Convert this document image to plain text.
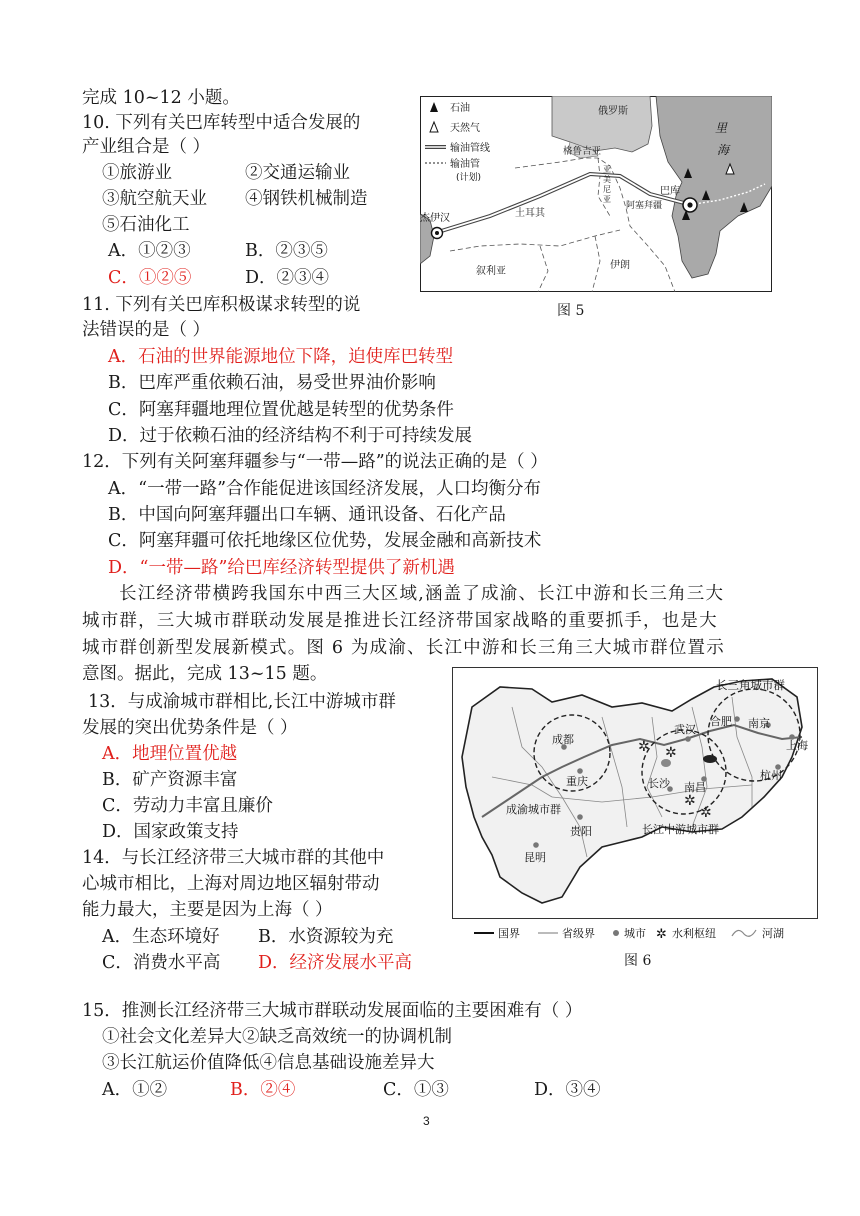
完成 10~12 小题。
10. 下列有关巴库转型中适合发展的
产业组合是（ ）
①旅游业	②交通运输业
③航空航天业 ④钢铁机械制造
⑤石油化工
A．①②③	B．②③⑤
C．①②⑤	D．②③④
11. 下列有关巴库积极谋求转型的说
法错误的是（ ）
A．石油的世界能源地位下降，迫使库巴转型
B．巴库严重依赖石油，易受世界油价影响
C．阿塞拜疆地理位置优越是转型的优势条件
D．过于依赖石油的经济结构不利于可持续发展
12．下列有关阿塞拜疆参与“一带—路”的说法正确的是（ ）
A．“一带一路”合作能促进该国经济发展，人口均衡分布
B．中国向阿塞拜疆出口车辆、通讯设备、石化产品
C．阿塞拜疆可依托地缘区位优势，发展金融和高新技术
D．“一带—路”给巴库经济转型提供了新机遇
长江经济带横跨我国东中西三大区域,涵盖了成渝、长江中游和长三角三大
城市群，三大城市群联动发展是推进长江经济带国家战略的重要抓手，也是大
城市群创新型发展新模式。图 6 为成渝、长江中游和长三角三大城市群位置示
意图。据此，完成 13~15 题。
13．与成渝城市群相比,长江中游城市群
发展的突出优势条件是（ ）
A．地理位置优越
B．矿产资源丰富
C．劳动力丰富且廉价
D．国家政策支持
14．与长江经济带三大城市群的其他中
心城市相比，上海对周边地区辐射带动
能力最大，主要是因为上海（ ）
A．生态环境好 B．水资源较为充
C．消费水平高 D．经济发展水平高
15．推测长江经济带三大城市群联动发展面临的主要困难有（ ）
①社会文化差异大②缺乏高效统一的协调机制
③长江航运价值降低④信息基础设施差异大
A．①②	B．②④	C．①③	D．③④
3
石油
天然气
输油管线
输油管
(计划)
俄罗斯
里
海
格鲁吉亚
亚
美
尼
亚
阿塞拜疆
巴库
杰伊汉	土耳其
叙利亚
伊朗
图 5
✲ ✲
✲
✲
长三角城市群
合肥 南京
上海
杭州
成都
重庆
武汉
南昌
长沙
贵阳
昆明
成渝城市群
长江中游城市群
国界	省级界	城市 ✲ 水利枢纽	河湖
图 6
